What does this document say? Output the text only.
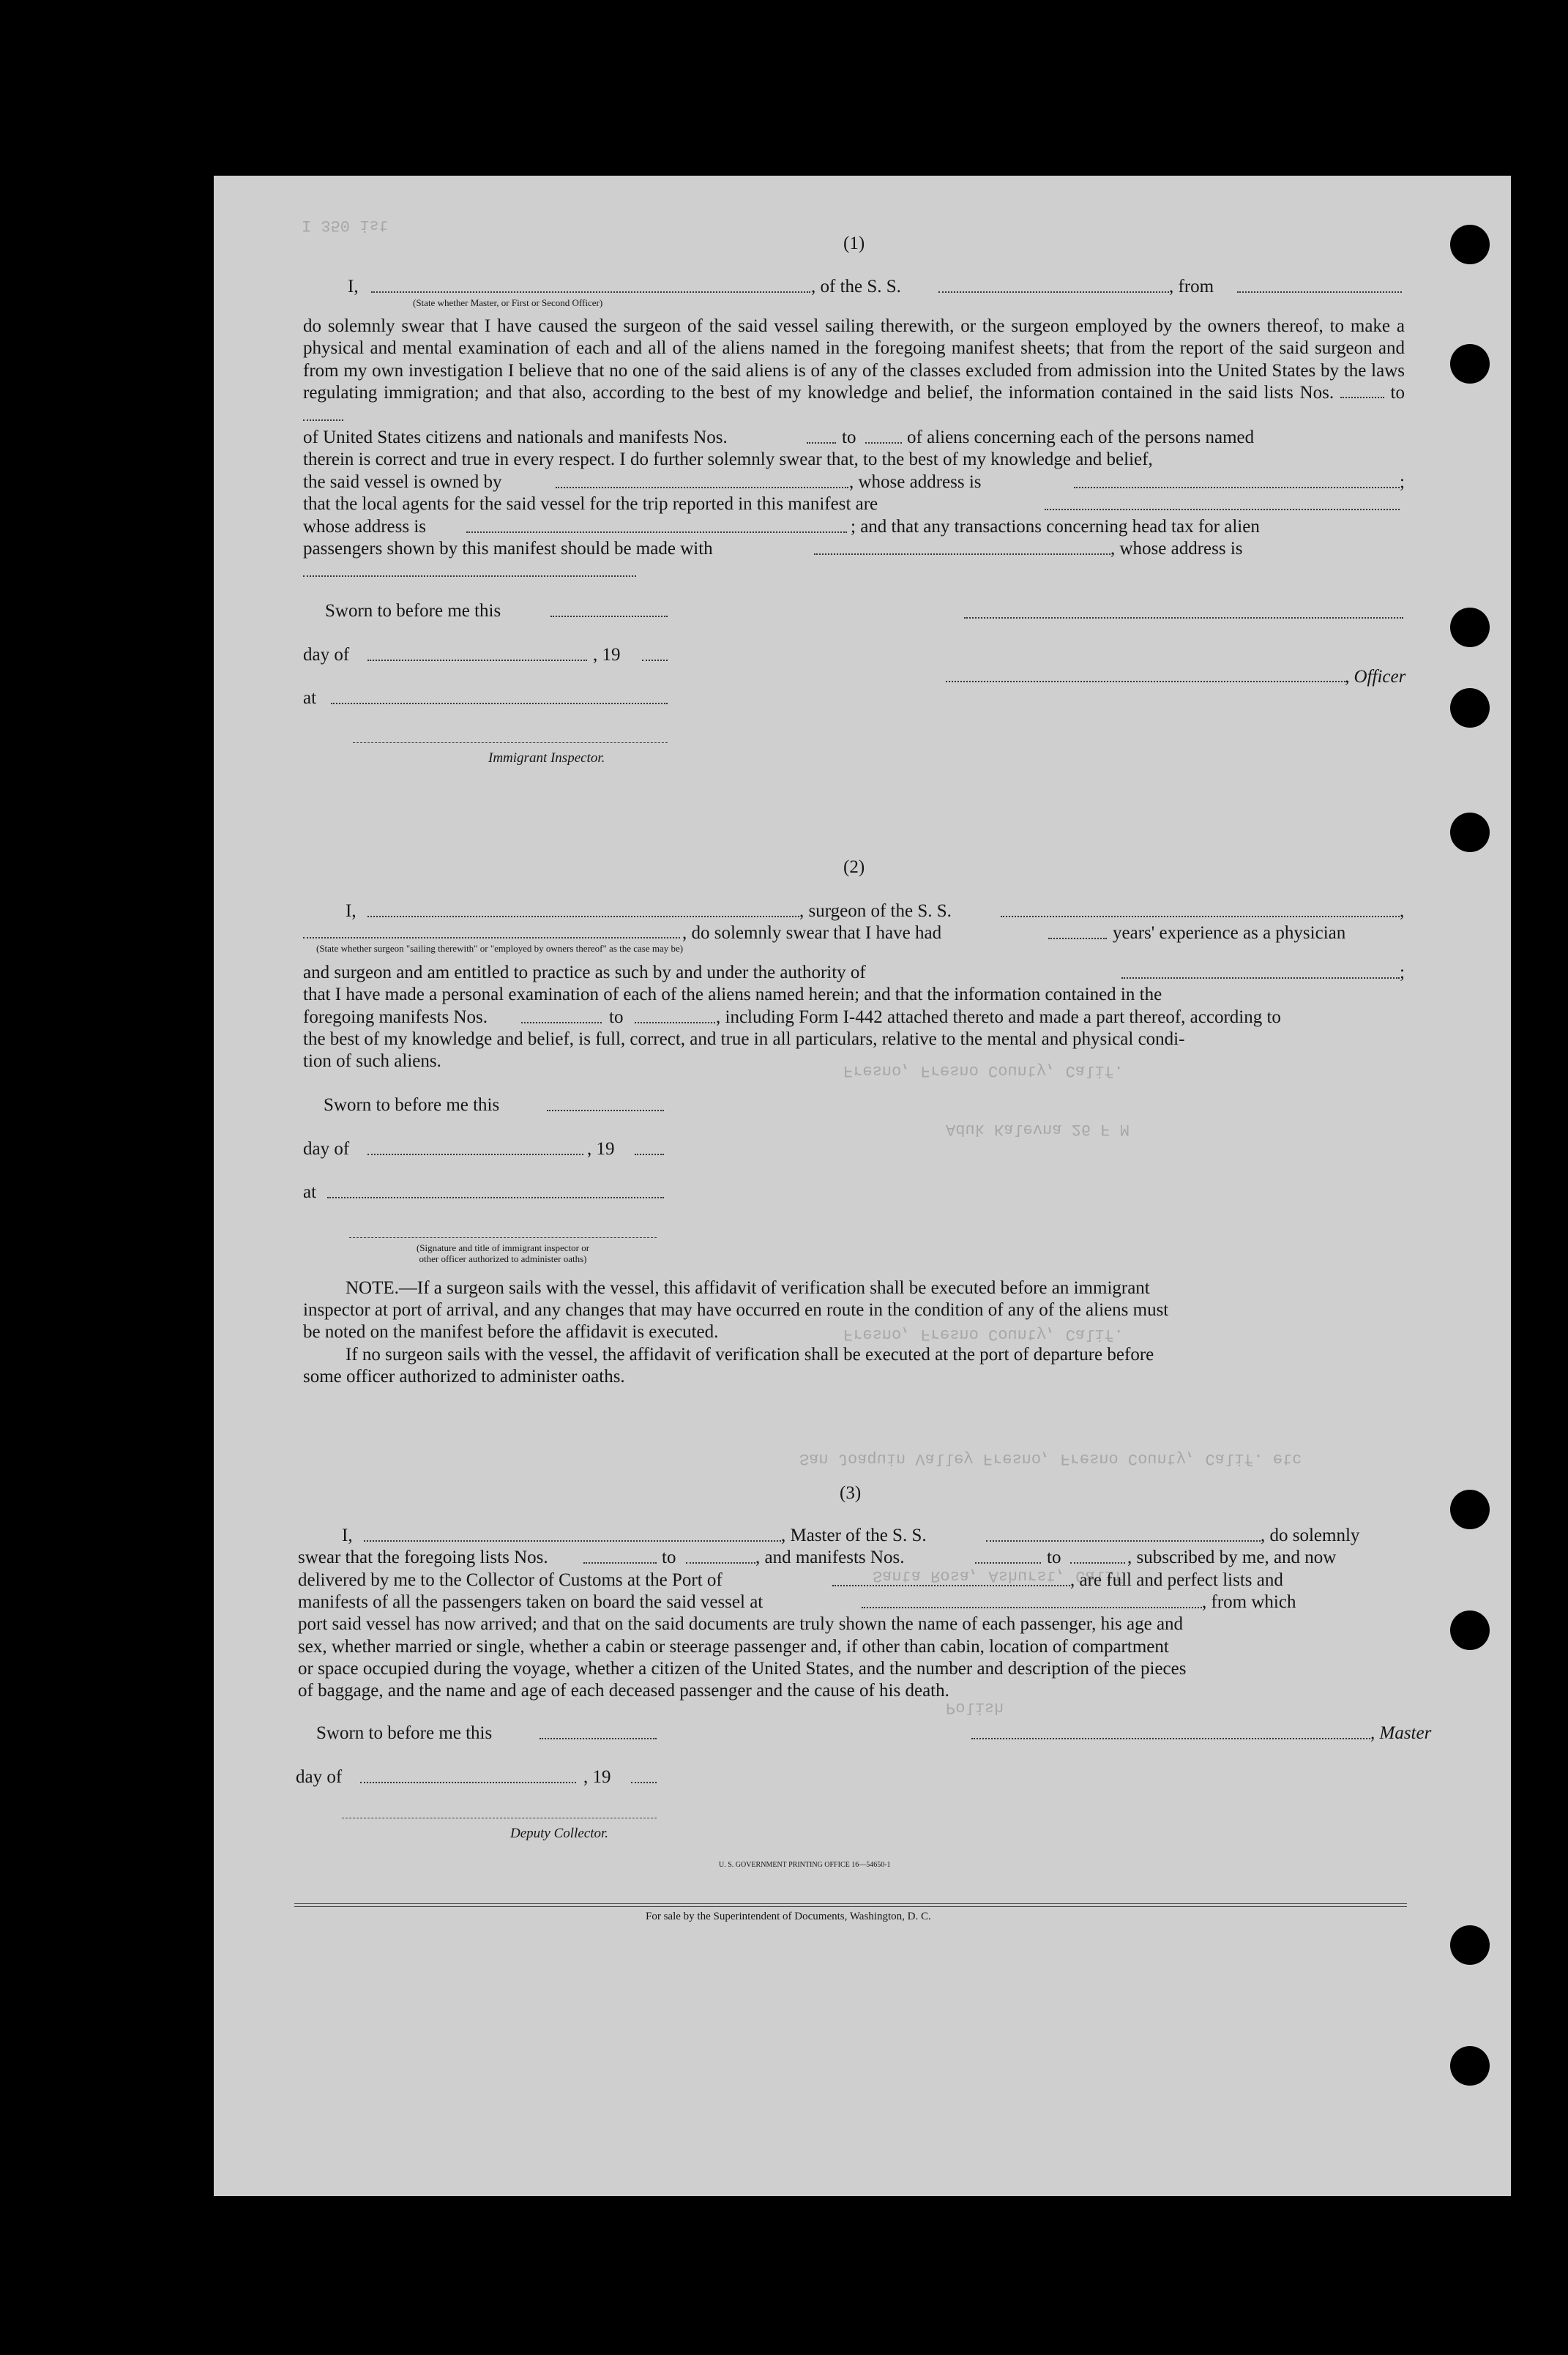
I 350 ist
Fresno, Fresno County, Calif.
Aduk Kalevna 26 F M
Fresno, Fresno County, Calif.
San Joaquin Valley Fresno, Fresno County, Calif. etc
Santa Rosa, Ashurst, Calif.
Polish
(1)
I,	, of the S. S.	, from
(State whether Master, or First or Second Officer)
do solemnly swear that I have caused the surgeon of the said vessel sailing therewith, or the surgeon employed by the owners thereof, to make a physical and mental examination of each and all of the aliens named in the foregoing manifest sheets; that from the report of the said surgeon and from my own investigation I believe that no one of the said aliens is of any of the classes excluded from admission into the United States by the laws regulating immigration; and that also, according to the best of my knowledge and belief, the information contained in the said lists Nos.	to
of United States citizens and nationals and manifests Nos.	to	of aliens concerning each of the persons named
therein is correct and true in every respect. I do further solemnly swear that, to the best of my knowledge and belief,
the said vessel is owned by	, whose address is	;
that the local agents for the said vessel for the trip reported in this manifest are
whose address is	; and that any transactions concerning head tax for alien
passengers shown by this manifest should be made with	, whose address is
Sworn to before me this
day of	, 19
, Officer
at
Immigrant Inspector.
(2)
I,	, surgeon of the S. S.	,
, do solemnly swear that I have had	years' experience as a physician
(State whether surgeon "sailing therewith" or "employed by owners thereof" as the case may be)
and surgeon and am entitled to practice as such by and under the authority of	;
that I have made a personal examination of each of the aliens named herein; and that the information contained in the
foregoing manifests Nos.	to	, including Form I-442 attached thereto and made a part thereof, according to
the best of my knowledge and belief, is full, correct, and true in all particulars, relative to the mental and physical condi-
tion of such aliens.
Sworn to before me this
day of	, 19
at
(Signature and title of immigrant inspector or
other officer authorized to administer oaths)
NOTE.—If a surgeon sails with the vessel, this affidavit of verification shall be executed before an immigrant
inspector at port of arrival, and any changes that may have occurred en route in the condition of any of the aliens must
be noted on the manifest before the affidavit is executed.
If no surgeon sails with the vessel, the affidavit of verification shall be executed at the port of departure before
some officer authorized to administer oaths.
(3)
I,	, Master of the S. S.	, do solemnly
swear that the foregoing lists Nos.	to	, and manifests Nos.	to	, subscribed by me, and now
delivered by me to the Collector of Customs at the Port of	, are full and perfect lists and
manifests of all the passengers taken on board the said vessel at	, from which
port said vessel has now arrived; and that on the said documents are truly shown the name of each passenger, his age and
sex, whether married or single, whether a cabin or steerage passenger and, if other than cabin, location of compartment
or space occupied during the voyage, whether a citizen of the United States, and the number and description of the pieces
of baggage, and the name and age of each deceased passenger and the cause of his death.
Sworn to before me this	, Master
day of	, 19
Deputy Collector.
U. S. GOVERNMENT PRINTING OFFICE 16—54650-1
For sale by the Superintendent of Documents, Washington, D. C.
